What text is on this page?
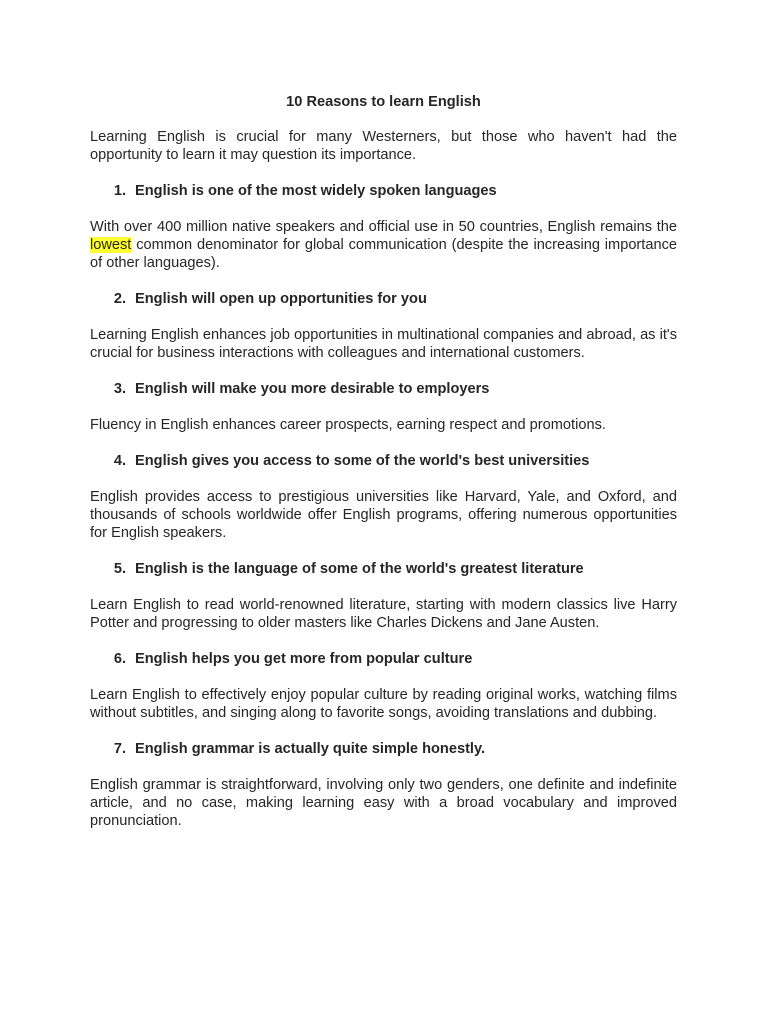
10 Reasons to learn English
Learning English is crucial for many Westerners, but those who haven't had the opportunity to learn it may question its importance.
1. English is one of the most widely spoken languages
With over 400 million native speakers and official use in 50 countries, English remains the lowest common denominator for global communication (despite the increasing importance of other languages).
2. English will open up opportunities for you
Learning English enhances job opportunities in multinational companies and abroad, as it's crucial for business interactions with colleagues and international customers.
3. English will make you more desirable to employers
Fluency in English enhances career prospects, earning respect and promotions.
4. English gives you access to some of the world's best universities
English provides access to prestigious universities like Harvard, Yale, and Oxford, and thousands of schools worldwide offer English programs, offering numerous opportunities for English speakers.
5. English is the language of some of the world's greatest literature
Learn English to read world-renowned literature, starting with modern classics live Harry Potter and progressing to older masters like Charles Dickens and Jane Austen.
6. English helps you get more from popular culture
Learn English to effectively enjoy popular culture by reading original works, watching films without subtitles, and singing along to favorite songs, avoiding translations and dubbing.
7. English grammar is actually quite simple honestly.
English grammar is straightforward, involving only two genders, one definite and indefinite article, and no case, making learning easy with a broad vocabulary and improved pronunciation.
